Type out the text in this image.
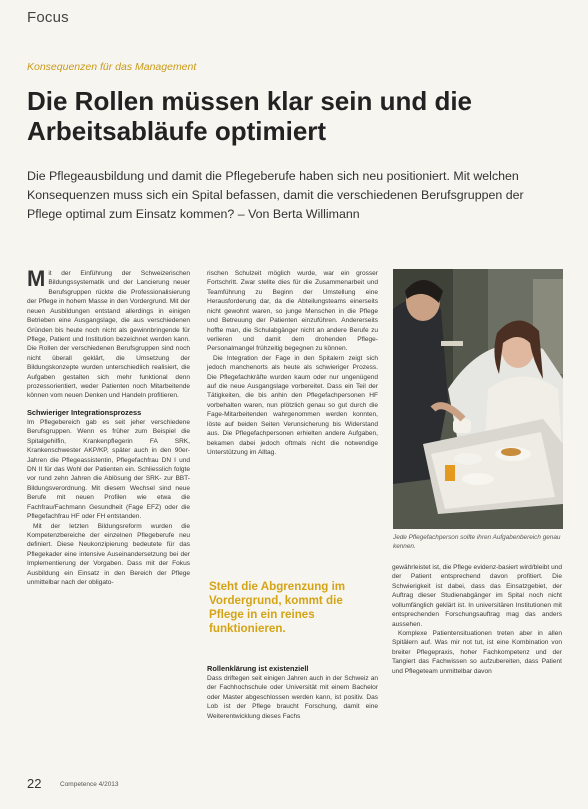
Focus
Konsequenzen für das Management
Die Rollen müssen klar sein und die Arbeitsabläufe optimiert

Die Pflegeausbildung und damit die Pflegeberufe haben sich neu positioniert. Mit welchen Konsequenzen muss sich ein Spital befassen, damit die verschiedenen Berufsgruppen der Pflege optimal zum Einsatz kommen? – Von Berta Willimann

M it der Einführung der Schweizerischen Bildungssystematik und der Lancierung neuer Berufsgruppen rückte die Professionalisierung der Pflege in hohem Masse in den Vordergrund. Mit der neuen Ausbildungen entstand allerdings in einigen Betrieben eine Ausgangslage, die aus verschiedenen Gründen bis heute noch nicht als gewinnbringende für Pflege, Patient und Institution bezeichnet werden kann. Die Rollen der verschiedenen Berufsgruppen sind noch nicht überall geklärt, die Umsetzung der Bildungskonzepte wurden unterschiedlich realisiert, die Aufgaben gestalten sich mehr funktional denn prozessorientiert, weder Patienten noch Mitarbeitende können vom neuen Denken und Handeln profitieren.

Schwieriger Integrationsprozess

Im Pflegebereich gab es seit jeher verschiedene Berufsgruppen. Wenn es früher zum Beispiel die Spitalgehilfin, Krankenpflegerin FA SRK, Krankenschwester AKP/KP, später auch in den 90er-Jahren die Pflegeassistentin, Pflegefachfrau DN I und DN II für das Wohl der Patienten ein. Schliesslich folgte vor rund zehn Jahren die Ablösung der SRK- zur BBT-Bildungsverordnung. Mit diesem Wechsel sind neue Berufe mit neuen Profilen wie etwa die Fachfrau/Fachmann Gesundheit (Fage EFZ) oder die Pflegefachfrau HF oder FH entstanden.

Mit der letzten Bildungsreform wurden die Kompetenzbereiche der einzelnen Pflegeberufe neu definiert. Diese Neukonzipierung bedeutete für das Pflegekader eine intensive Auseinandersetzung bei der Implementierung der Vorgaben. Dass mit der Fokus Ausbildung ein Einsatz in den Bereich der Pflege unmittelbar nach der obligato-

rischen Schulzeit möglich wurde, war ein grosser Fortschritt. Zwar stellte dies für die Zusammenarbeit und Teamführung zu Beginn der Umstellung eine Herausforderung dar, da die Abteilungsteams einerseits nicht gewohnt waren, so junge Menschen in die Pflege und Betreuung der Patienten einzuführen. Andererseits hoffte man, die Schulabgänger nicht an andere Berufe zu verlieren und damit dem drohenden Pflege-Personalmangel frühzeitig begegnen zu können.

Die Integration der Fage in den Spitalern zeigt sich jedoch manchenorts als heute als schwieriger Prozess. Die Pflegefachkräfte wurden kaum oder nur ungenügend auf die neue Ausgangslage vorbereitet. Dass ein Teil der Tätigkeiten, die bis anhin den Pflegefachpersonen HF vorbehalten waren, nun plötzlich genau so gut durch die Fage-Mitarbeitenden wahrgenommen werden konnten, löste auf beiden Seiten Verunsicherung bis Widerstand aus. Die Pflegefachpersonen erhielten andere Aufgaben, bekamen dabei jedoch oftmals nicht die notwendige Unterstützung im Alltag.

Steht die Abgrenzung im Vordergrund, kommt die Pflege in ein reines funktionieren.
Rollenklärung ist existenziell

Dass driftegen seit einigen Jahren auch in der Schweiz an der Fachhochschule oder Universität mit einem Bachelor oder Master abgeschlossen werden kann, ist positiv. Das Lob ist der Pflege braucht Forschung, damit eine Weiterentwicklung dieses Fachs

Jede Pflegefachperson sollte ihren Aufgabenbereich genau kennen.

gewährleistet ist, die Pflege evidenz-basiert wird/bleibt und der Patient entsprechend davon profitiert. Die Schwierigkeit ist dabei, dass das Einsatzgebiet, der Auftrag dieser Studienabgänger im Spital noch nicht vollumfänglich geklärt ist. In universitären Institutionen mit entsprechenden Forschungsauftrag mag das anders aussehen.

Komplexe Patientensituationen treten aber in allen Spitälern auf. Was mir not tut, ist eine Kombination von breiter Pflegepraxis, hoher Fachkompetenz und der Tangiert das Fachwissen so aufzubereiten, dass Patient und Pflegeteam unmittelbar davon

22	Competence 4/2013
